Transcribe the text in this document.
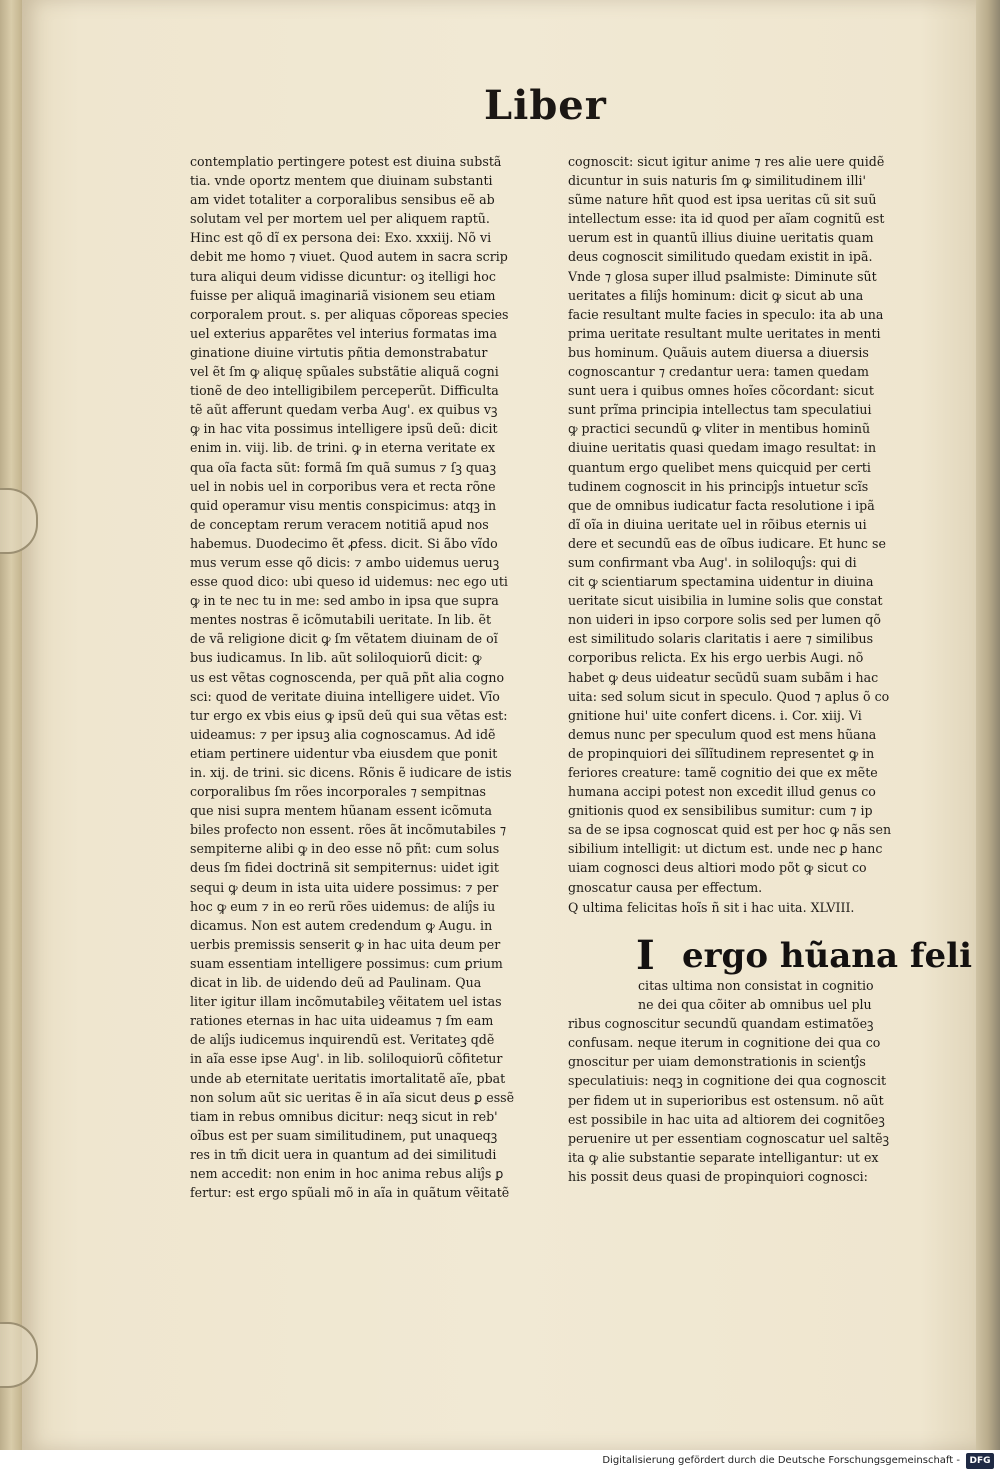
Liber
contemplatio pertingere potest est diuina substã
tia. vnde oportz mentem que diuinam substanti
am videt totaliter a corporalibus sensibus eẽ ab
solutam vel per mortem uel per aliquem raptũ.
Hinc est qõ dĩ ex persona dei: Exo. xxxiij. Nõ vi
debit me homo ⁊ viuet. Quod autem in sacra scrip
tura aliqui deum vidisse dicuntur: oꝫ itelligi hoc
fuisse per aliquã imaginariã visionem seu etiam
corporalem prout. s. per aliquas cõporeas species
uel exterius apparẽtes vel interius formatas ima
ginatione diuine virtutis pñtia demonstrabatur
vel ẽt ſm ꝙ aliquę spũales substãtie aliquã cogni
tionẽ de deo intelligibilem perceperũt. Difficulta
tẽ aũt afferunt quedam verba Aug'. ex quibus vꝫ
ꝙ in hac vita possimus intelligere ipsũ deũ: dicit
enim in. viij. lib. de trini. ꝙ in eterna veritate ex
qua oĩa facta sũt: formã ſm quã sumus ⁊ ſꝫ quaꝫ
uel in nobis uel in corporibus vera et recta rõne
quid operamur visu mentis conspicimus: atqꝫ in
de conceptam rerum veracem notitiã apud nos
habemus. Duodecimo ẽt ꝓfess. dicit. Si ãbo vĩdo
mus verum esse qõ dicis: ⁊ ambo uidemus ueruꝫ
esse quod dico: ubi queso id uidemus: nec ego uti
ꝙ in te nec tu in me: sed ambo in ipsa que supra
mentes nostras ẽ icõmutabili ueritate. In lib. ẽt
de vã religione dicit ꝙ ſm vẽtatem diuinam de oĩ
bus iudicamus. In lib. aũt soliloquiorũ dicit: ꝙ
us est vẽtas cognoscenda, per quã pñt alia cogno
sci: quod de veritate diuina intelligere uidet. Vĩo
tur ergo ex vbis eius ꝙ ipsũ deũ qui sua vẽtas est:
uideamus: ⁊ per ipsuꝫ alia cognoscamus. Ad idẽ
etiam pertinere uidentur vba eiusdem que ponit
in. xij. de trini. sic dicens. Rõnis ẽ iudicare de istis
corporalibus ſm rões incorporales ⁊ sempitnas
que nisi supra mentem hũanam essent icõmuta
biles profecto non essent. rões ãt incõmutabiles ⁊
sempiterne alibi ꝙ in deo esse nõ pñt: cum solus
deus ſm fidei doctrinã sit sempiternus: uidet igit
sequi ꝙ deum in ista uita uidere possimus: ⁊ per
hoc ꝙ eum ⁊ in eo rerũ rões uidemus: de aliĵs iu
dicamus. Non est autem credendum ꝙ Augu. in
uerbis premissis senserit ꝙ in hac uita deum per
suam essentiam intelligere possimus: cum ꝑrium
dicat in lib. de uidendo deũ ad Paulinam. Qua
liter igitur illam incõmutabileꝫ vẽitatem uel istas
rationes eternas in hac uita uideamus ⁊ ſm eam
de aliĵs iudicemus inquirendũ est. Veritateꝫ qdẽ
in aĩa esse ipse Aug'. in lib. soliloquiorũ cõfitetur
unde ab eternitate ueritatis imortalitatẽ aĩe, pbat
non solum aũt sic ueritas ẽ in aĩa sicut deus ꝑ essẽ
tiam in rebus omnibus dicitur: neqꝫ sicut in reb'
oĩbus est per suam similitudinem, put unaqueqꝫ
res in tm̃ dicit uera in quantum ad dei similitudi
nem accedit: non enim in hoc anima rebus aliĵs ꝑ
fertur: est ergo spũali mõ in aĩa in quãtum vẽitatẽ
cognoscit: sicut igitur anime ⁊ res alie uere quidẽ
dicuntur in suis naturis ſm ꝙ similitudinem illi'
sũme nature hñt quod est ipsa ueritas cũ sit suũ
intellectum esse: ita id quod per aĩam cognitũ est
uerum est in quantũ illius diuine ueritatis quam
deus cognoscit similitudo quedam existit in ipã.
Vnde ⁊ glosa super illud psalmiste: Diminute sũt
ueritates a filiĵs hominum: dicit ꝙ sicut ab una
facie resultant multe facies in speculo: ita ab una
prima ueritate resultant multe ueritates in menti
bus hominum. Quãuis autem diuersa a diuersis
cognoscantur ⁊ credantur uera: tamen quedam
sunt uera i quibus omnes hoĩes cõcordant: sicut
sunt prĩma principia intellectus tam speculatiui
ꝙ practici secundũ ꝙ vliter in mentibus hominũ
diuine ueritatis quasi quedam imago resultat: in
quantum ergo quelibet mens quicquid per certi
tudinem cognoscit in his principĵs intuetur scĩs
que de omnibus iudicatur facta resolutione i ipã
dĩ oĩa in diuina ueritate uel in rõibus eternis ui
dere et secundũ eas de oĩbus iudicare. Et hunc se
sum confirmant vba Aug'. in soliloquĵs: qui di
cit ꝙ scientiarum spectamina uidentur in diuina
ueritate sicut uisibilia in lumine solis que constat
non uideri in ipso corpore solis sed per lumen qõ
est similitudo solaris claritatis i aere ⁊ similibus
corporibus relicta. Ex his ergo uerbis Augi. nõ
habet ꝙ deus uideatur secũdũ suam subãm i hac
uita: sed solum sicut in speculo. Quod ⁊ aplus õ co
gnitione hui' uite confert dicens. i. Cor. xiij. Vi
demus nunc per speculum quod est mens hũana
de propinquiori dei sĩlĩtudinem representet ꝙ in
feriores creature: tamẽ cognitio dei que ex mẽte
humana accipi potest non excedit illud genus co
gnitionis quod ex sensibilibus sumitur: cum ⁊ ip
sa de se ipsa cognoscat quid est per hoc ꝙ nãs sen
sibilium intelligit: ut dictum est. unde nec ꝑ hanc
uiam cognosci deus altiori modo põt ꝙ sicut co
gnoscatur causa per effectum.
Q ultima felicitas hoĩs ñ sit i hac uita. XLVIII.
I ergo hũana feli
citas ultima non consistat in cognitio
ne dei qua cõiter ab omnibus uel plu
ribus cognoscitur secundũ quandam estimatõeꝫ
confusam. neque iterum in cognitione dei qua co
gnoscitur per uiam demonstrationis in scientĵs
speculatiuis: neqꝫ in cognitione dei qua cognoscit
per fidem ut in superioribus est ostensum. nõ aũt
est possibile in hac uita ad altiorem dei cognitõeꝫ
peruenire ut per essentiam cognoscatur uel saltẽꝫ
ita ꝙ alie substantie separate intelligantur: ut ex
his possit deus quasi de propinquiori cognosci:
Digitalisierung gefördert durch die Deutsche Forschungsgemeinschaft -	DFG
